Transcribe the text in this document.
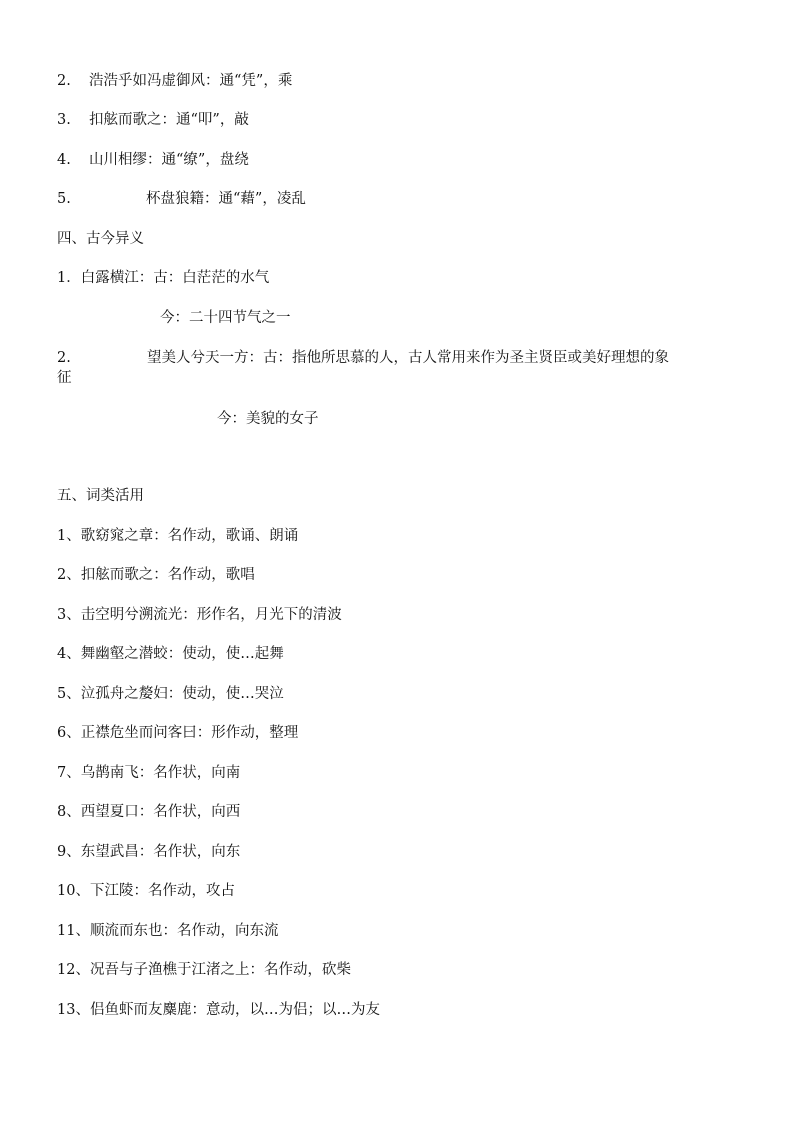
2. 浩浩乎如冯虚御风：通“凭”，乘
3. 扣舷而歌之：通“叩”，敲
4. 山川相缪：通“缭”，盘绕
5.	杯盘狼籍：通“藉”，凌乱
四、古今异义
1．白露横江：古：白茫茫的水气
今：二十四节气之一
2.	望美人兮天一方：古：指他所思慕的人，古人常用来作为圣主贤臣或美好理想的象
征
今：美貌的女子
五、词类活用
1、歌窈窕之章：名作动，歌诵、朗诵
2、扣舷而歌之：名作动，歌唱
3、击空明兮溯流光：形作名，月光下的清波
4、舞幽壑之潜蛟：使动，使…起舞
5、泣孤舟之嫠妇：使动，使…哭泣
6、正襟危坐而问客曰：形作动，整理
7、乌鹊南飞：名作状，向南
8、西望夏口：名作状，向西
9、东望武昌：名作状，向东
10、下江陵：名作动，攻占
11、顺流而东也：名作动，向东流
12、况吾与子渔樵于江渚之上：名作动，砍柴
13、侣鱼虾而友麋鹿：意动，以…为侣；以…为友
